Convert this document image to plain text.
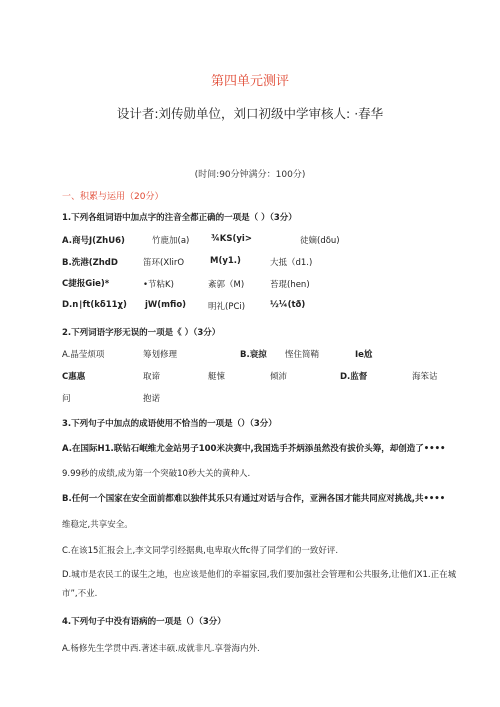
第四单元测评
设计者:刘传勋单位，刘口初级中学审核人: ·春华
(时间:90分钟满分：100分)
一、积累与运用（20分）
1.下列各组词语中加点字的注音全都正确的一项是（ ）（3分）
A.商号J(ZhU6)	竹鹿加(a)	¾KS(yi>	徒嫡(dδu)
B.洗港(ZhdD	笛环(XlirO	M(y1.)	大抵（d1.)
C捷报Gie)*	•节粘K)	紊郭（M)	苔琨(hen)
D.n∣ft(kδ11χ) jW(mfio)	明礼(PCi)	½¼(tð)
2.下列词语字形无误的一项是《 ）（3分）
A.晶莹烦项	筹划修理	B.衰掠 悭住简鞘	Ie尬
C惠惠	取谛	艇悚	倾沛	D.监督	海笨诂
问	抱诺
3.下列句子中加点的成语使用不恰当的一项是（）（3分）
A.在国际H1.联钻石岷维尤金站男子100米决赛中,我国选手芥炳添虽然没有拔价头筹，却创造了••••
9.99秒的成绩,成为第一个突破10秒大关的黄种人.
B.任何一个国家在安全面前都难以独伴其乐只有通过对话与合作，亚洲各国才能共同应对挑战,共••••
维稳定,共享安全。
C.在该15汇报会上,李文同学引经据典,电卑取火ffc得了同学们的一致好评.
D.城市是农民工的谋生之地，也应该是他们的幸福家园,我们要加强社会管理和公共服务,让他们X1.正在城
市”,不业.
4.下列句子中没有语病的一项是（）（3分）
A.杨修先生学贯中西.著述丰硕.成就非凡.享誉海内外.
